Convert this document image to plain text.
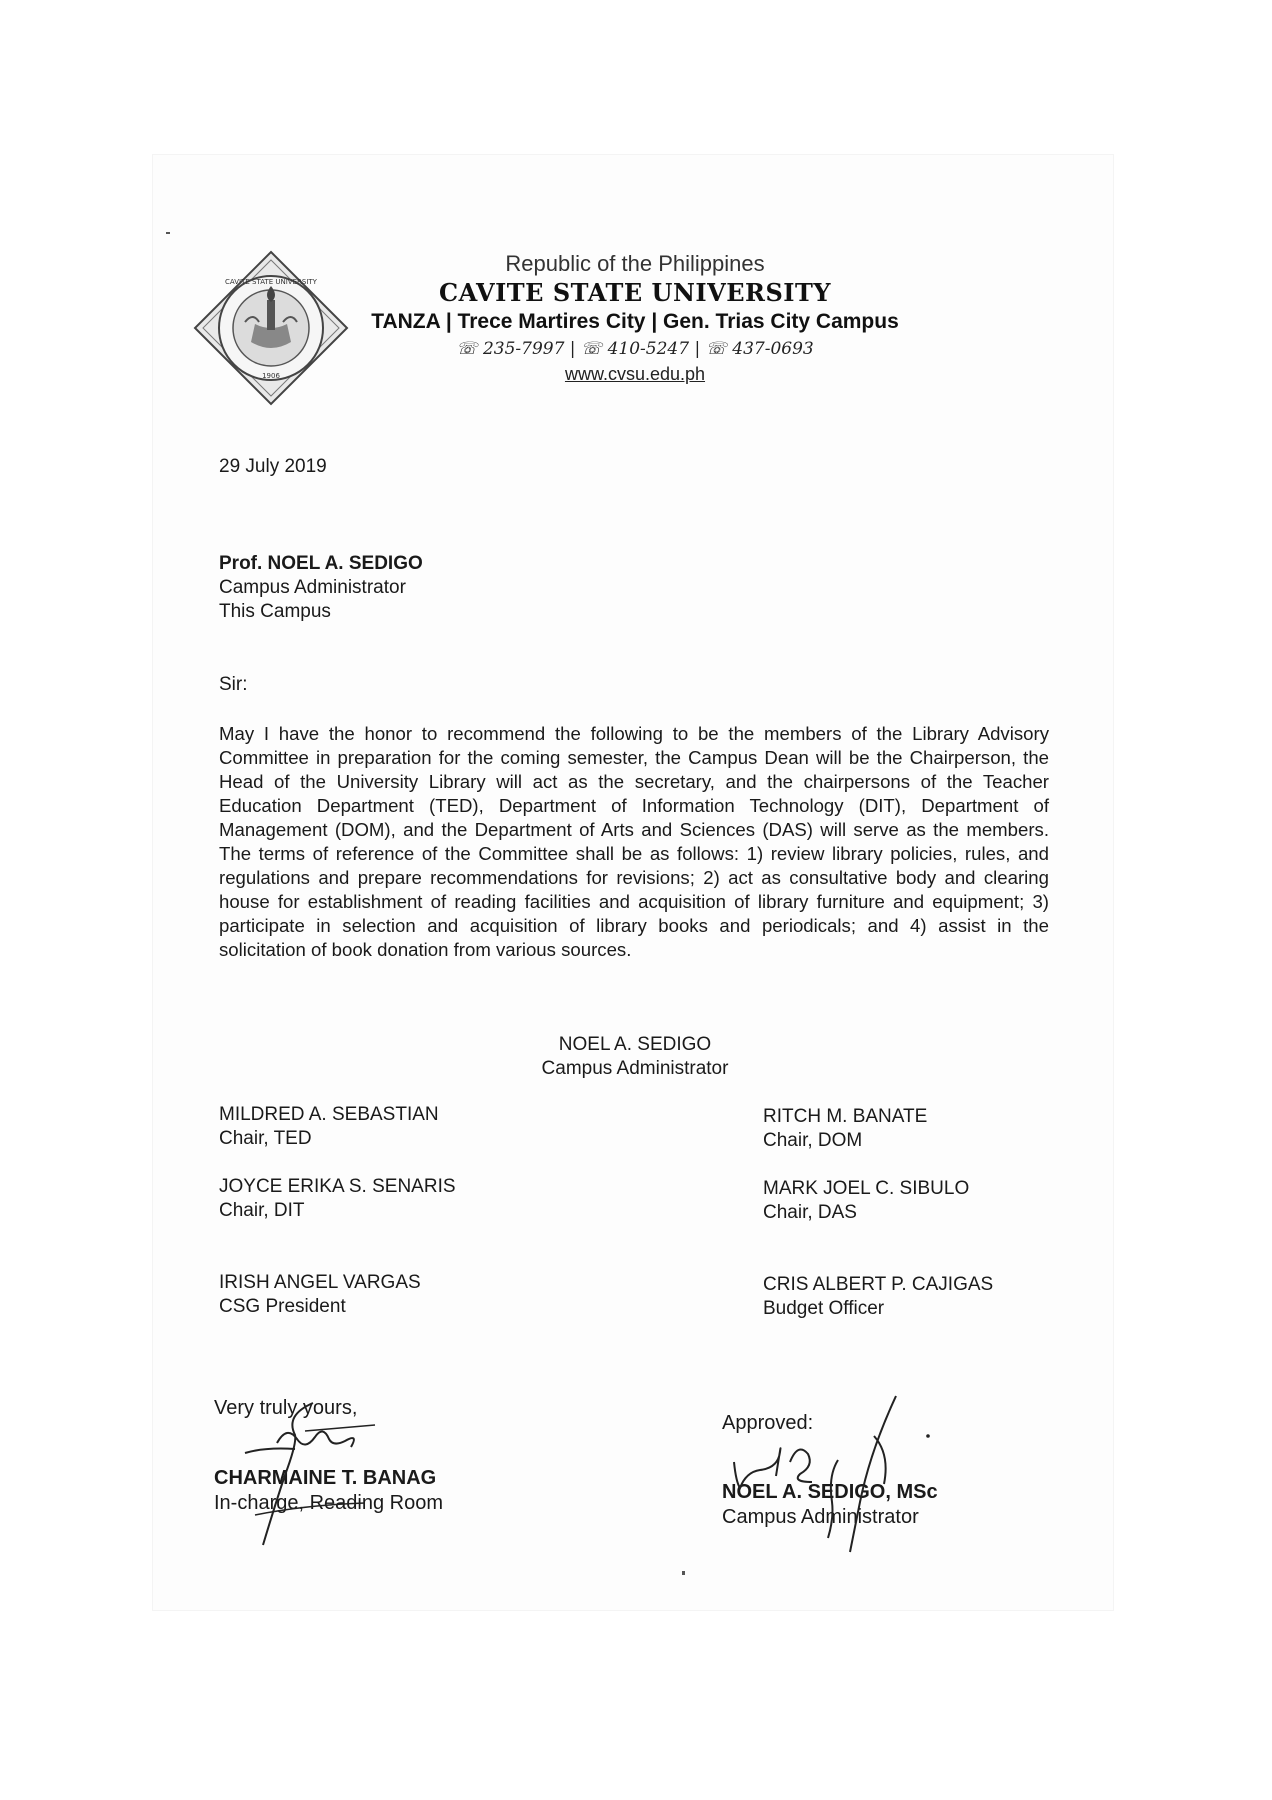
CAVITE STATE UNIVERSITY
1906
Republic of the Philippines
CAVITE STATE UNIVERSITY
TANZA | Trece Martires City | Gen. Trias City Campus
☏ 235-7997 | ☏ 410-5247 | ☏ 437-0693
www.cvsu.edu.ph

29 July 2019

Prof. NOEL A. SEDIGO

Campus Administrator

This Campus

Sir:

May I have the honor to recommend the following to be the members of the Library Advisory Committee in preparation for the coming semester, the Campus Dean will be the Chairperson, the Head of the University Library will act as the secretary, and the chairpersons of the Teacher Education Department (TED), Department of Information Technology (DIT), Department of Management (DOM), and the Department of Arts and Sciences (DAS) will serve as the members. The terms of reference of the Committee shall be as follows: 1) review library policies, rules, and regulations and prepare recommendations for revisions; 2) act as consultative body and clearing house for establishment of reading facilities and acquisition of library furniture and equipment; 3) participate in selection and acquisition of library books and periodicals; and 4) assist in the solicitation of book donation from various sources.

NOEL A. SEDIGO
Campus Administrator
MILDRED A. SEBASTIAN
Chair, TED
RITCH M. BANATE
Chair, DOM
JOYCE ERIKA S. SENARIS
Chair, DIT
MARK JOEL C. SIBULO
Chair, DAS
IRISH ANGEL VARGAS
CSG President
CRIS ALBERT P. CAJIGAS
Budget Officer

Very truly yours,

CHARMAINE T. BANAG

In-charge, Reading Room

Approved:

NOEL A. SEDIGO, MSc

Campus Administrator
